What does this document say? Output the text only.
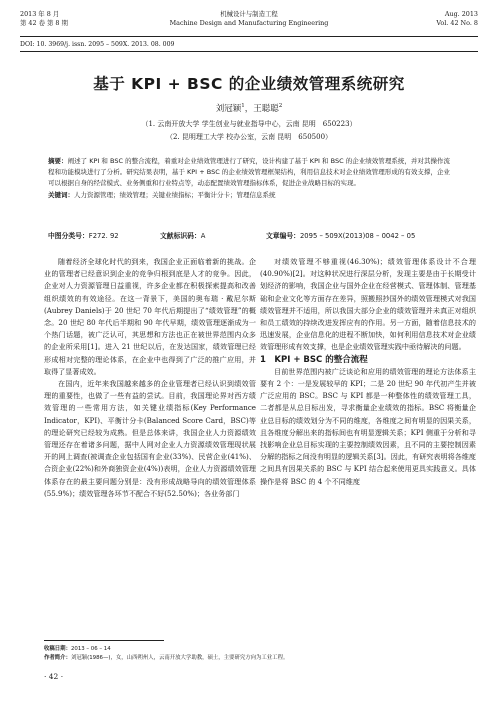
2013 年 8 月
第 42 卷 第 8 期
机械设计与制造工程
Machine Design and Manufacturing Engineering
Aug. 2013
Vol. 42 No. 8
DOI: 10. 3969/j. issn. 2095 – 509X. 2013. 08. 009
基于 KPI + BSC 的企业绩效管理系统研究
刘冠颖$^1$，王聪聪$^2$
（1. 云南开放大学 学生创业与就业指导中心，云南 昆明　650223）
（2. 昆明理工大学 校办公室，云南 昆明　650500）
摘要：阐述了 KPI 和 BSC 的整合流程，着重对企业绩效管理进行了研究，设计构建了基于 KPI 和 BSC 的企业绩效管理系统，并对其操作流程和功能模块进行了分析。研究结果表明，基于 KPI + BSC 的企业绩效管理框架结构，利用信息技术对企业绩效管理形成的有效支撑，企业可以根据自身的经营模式、业务侧重和行业特点等，动态配置绩效管理指标体系，促进企业战略目标的实现。
关键词：人力资源管理；绩效管理；关键业绩指标；平衡计分卡；管理信息系统
中图分类号：F272. 92	文献标识码：A	文章编号：2095 – 509X(2013)08 – 0042 – 05

随着经济全球化时代的到来，我国企业正面临着新的挑战。企业的管理者已经意识到企业的竞争归根到底是人才的竞争。因此，企业对人力资源管理日益重视，许多企业都在积极探索提高和改善组织绩效的有效途径。在这一背景下，美国的奥布瑞 · 戴尼尔斯(Aubrey Daniels)于 20 世纪 70 年代后期提出了“绩效管理”的概念。20 世纪 80 年代后半期和 90 年代早期，绩效管理逐渐成为一个热门话题，被广泛认可，其思想和方法也正在被世界范围内众多的企业所采用[1]。进入 21 世纪以后，在发达国家，绩效管理已经形成相对完整的理论体系，在企业中也得到了广泛的推广应用，并取得了显著成效。

在国内，近年来我国越来越多的企业管理者已经认识到绩效管理的重要性，也做了一些有益的尝试。目前，我国理论界对西方绩效管理的一些常用方法，如关键业绩指标(Key Performance Indicator，KPI)、平衡计分卡(Balanced Score Card，BSC)等的理论研究已经较为成熟。但是总体来讲，我国企业人力资源绩效管理还存在着诸多问题，据中人网对企业人力资源绩效管理现状展开的网上调查(被调查企业包括国有企业(33%)、民营企业(41%)、合资企业(22%)和外商独资企业(4%))表明，企业人力资源绩效管理体系存在的最主要问题分别是：没有形成战略导向的绩效管理体系(55.9%)；绩效管理各环节不配合不好(52.50%)；各业务部门

对绩效管理不够重视(46.30%)；绩效管理体系设计不合理(40.90%)[2]。对这种状况进行深层分析，发现主要是由于长期受计划经济的影响，我国企业与国外企业在经营模式、管理体制、管理基础和企业文化等方面存在差异，照搬照抄国外的绩效管理模式对我国绩效管理并不适用，所以我国大部分企业的绩效管理并未真正对组织和员工绩效的持续改进发挥应有的作用。另一方面，随着信息技术的迅速发展，企业信息化的进程不断加快，如何利用信息技术对企业绩效管理形成有效支撑，也是企业绩效管理实践中亟待解决的问题。

1　KPI + BSC 的整合流程

目前世界范围内被广泛谈论和应用的绩效管理的理论方法体系主要有 2 个：一是发展较早的 KPI；二是 20 世纪 90 年代初产生并被广泛应用的 BSC。BSC 与 KPI 都是一种整体性的绩效管理工具，二者都是从总目标出发，寻求衡量企业绩效的指标。BSC 将衡量企业总目标的绩效划分为不同的维度，各维度之间有明显的因果关系，且各维度分解出来的指标间也有明显逻辑关系；KPI 侧重于分析和寻找影响企业总目标实现的主要控制绩效因素，且不同的主要控制因素分解的指标之间没有明显的逻辑关系[3]。因此，有研究表明将各维度之间具有因果关系的 BSC 与 KPI 结合起来使用更具实践意义。具体操作是将 BSC 的 4 个不同维度

收稿日期：2013 – 06 – 14
作者简介：刘冠颖(1986—)，女，山西朔州人，云南开放大学助教，硕士，主要研究方向为工业工程。
· 42 ·
